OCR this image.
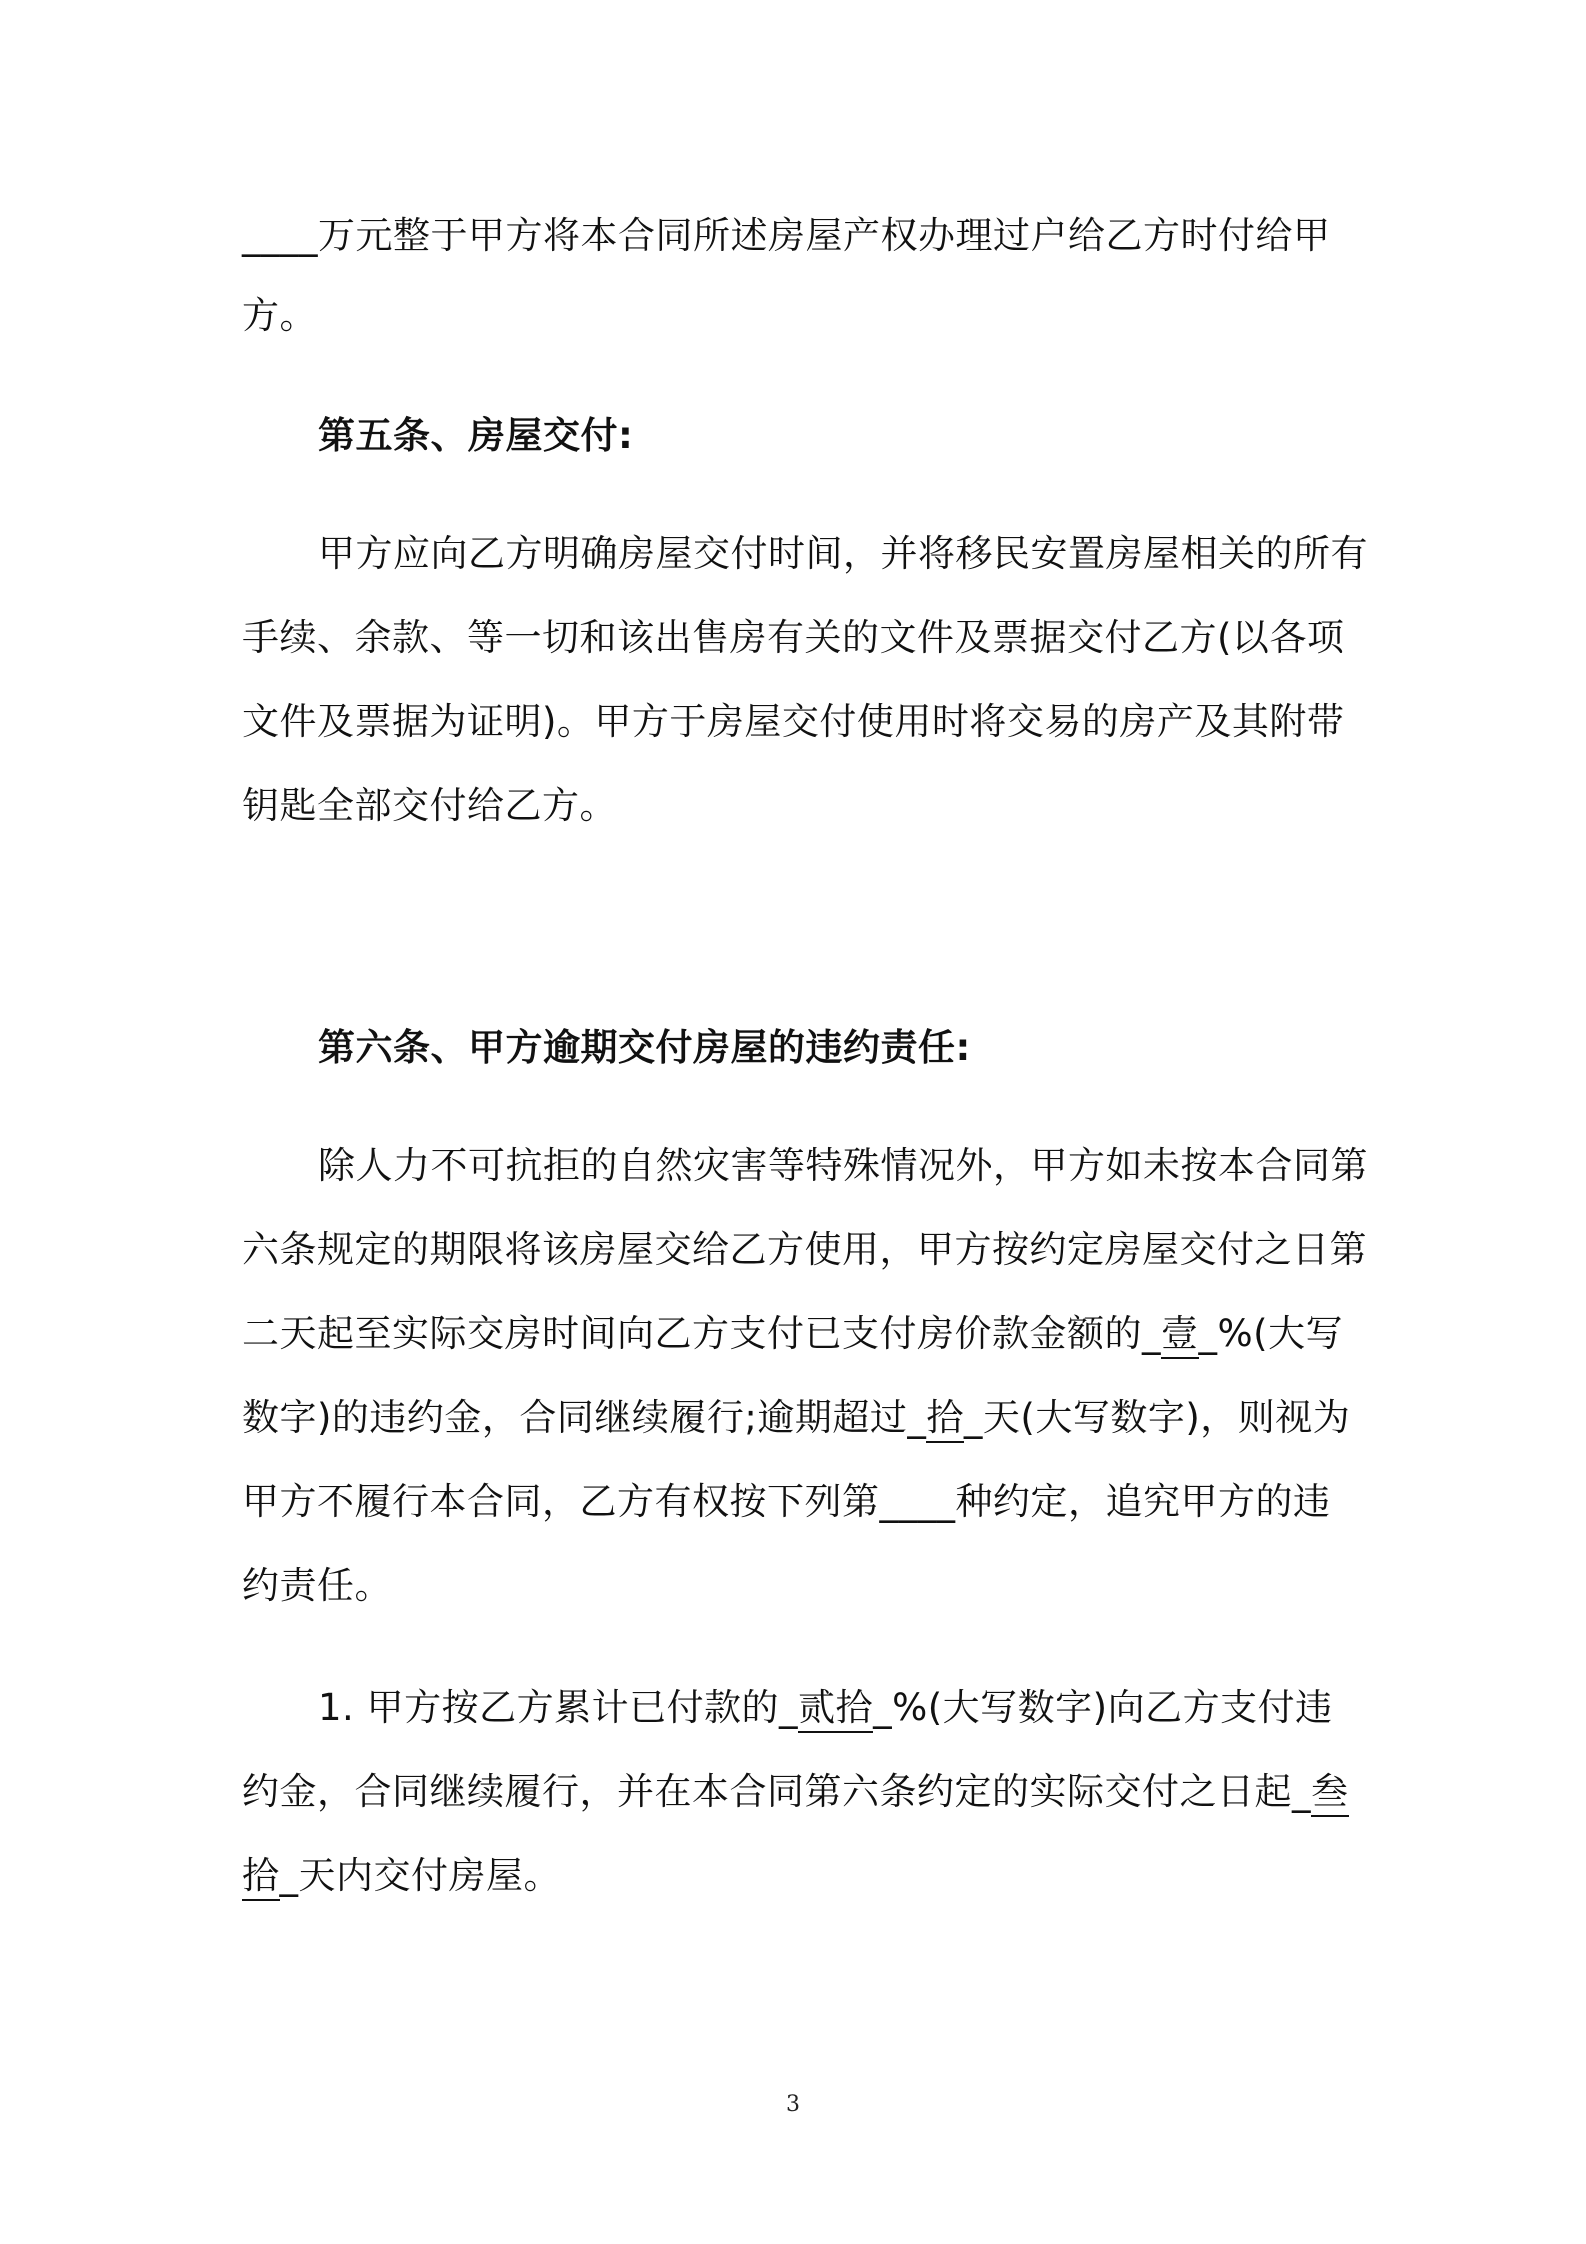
____万元整于甲方将本合同所述房屋产权办理过户给乙方时付给甲
方。
第五条、房屋交付:
甲方应向乙方明确房屋交付时间，并将移民安置房屋相关的所有
手续、余款、等一切和该出售房有关的文件及票据交付乙方(以各项
文件及票据为证明)。甲方于房屋交付使用时将交易的房产及其附带
钥匙全部交付给乙方。
第六条、甲方逾期交付房屋的违约责任:
除人力不可抗拒的自然灾害等特殊情况外，甲方如未按本合同第
六条规定的期限将该房屋交给乙方使用，甲方按约定房屋交付之日第
二天起至实际交房时间向乙方支付已支付房价款金额的_壹_%(大写
数字)的违约金，合同继续履行;逾期超过_拾_天(大写数字)，则视为
甲方不履行本合同，乙方有权按下列第____种约定，追究甲方的违
约责任。
1. 甲方按乙方累计已付款的_贰拾_%(大写数字)向乙方支付违
约金，合同继续履行，并在本合同第六条约定的实际交付之日起_叁
拾_天内交付房屋。
3
